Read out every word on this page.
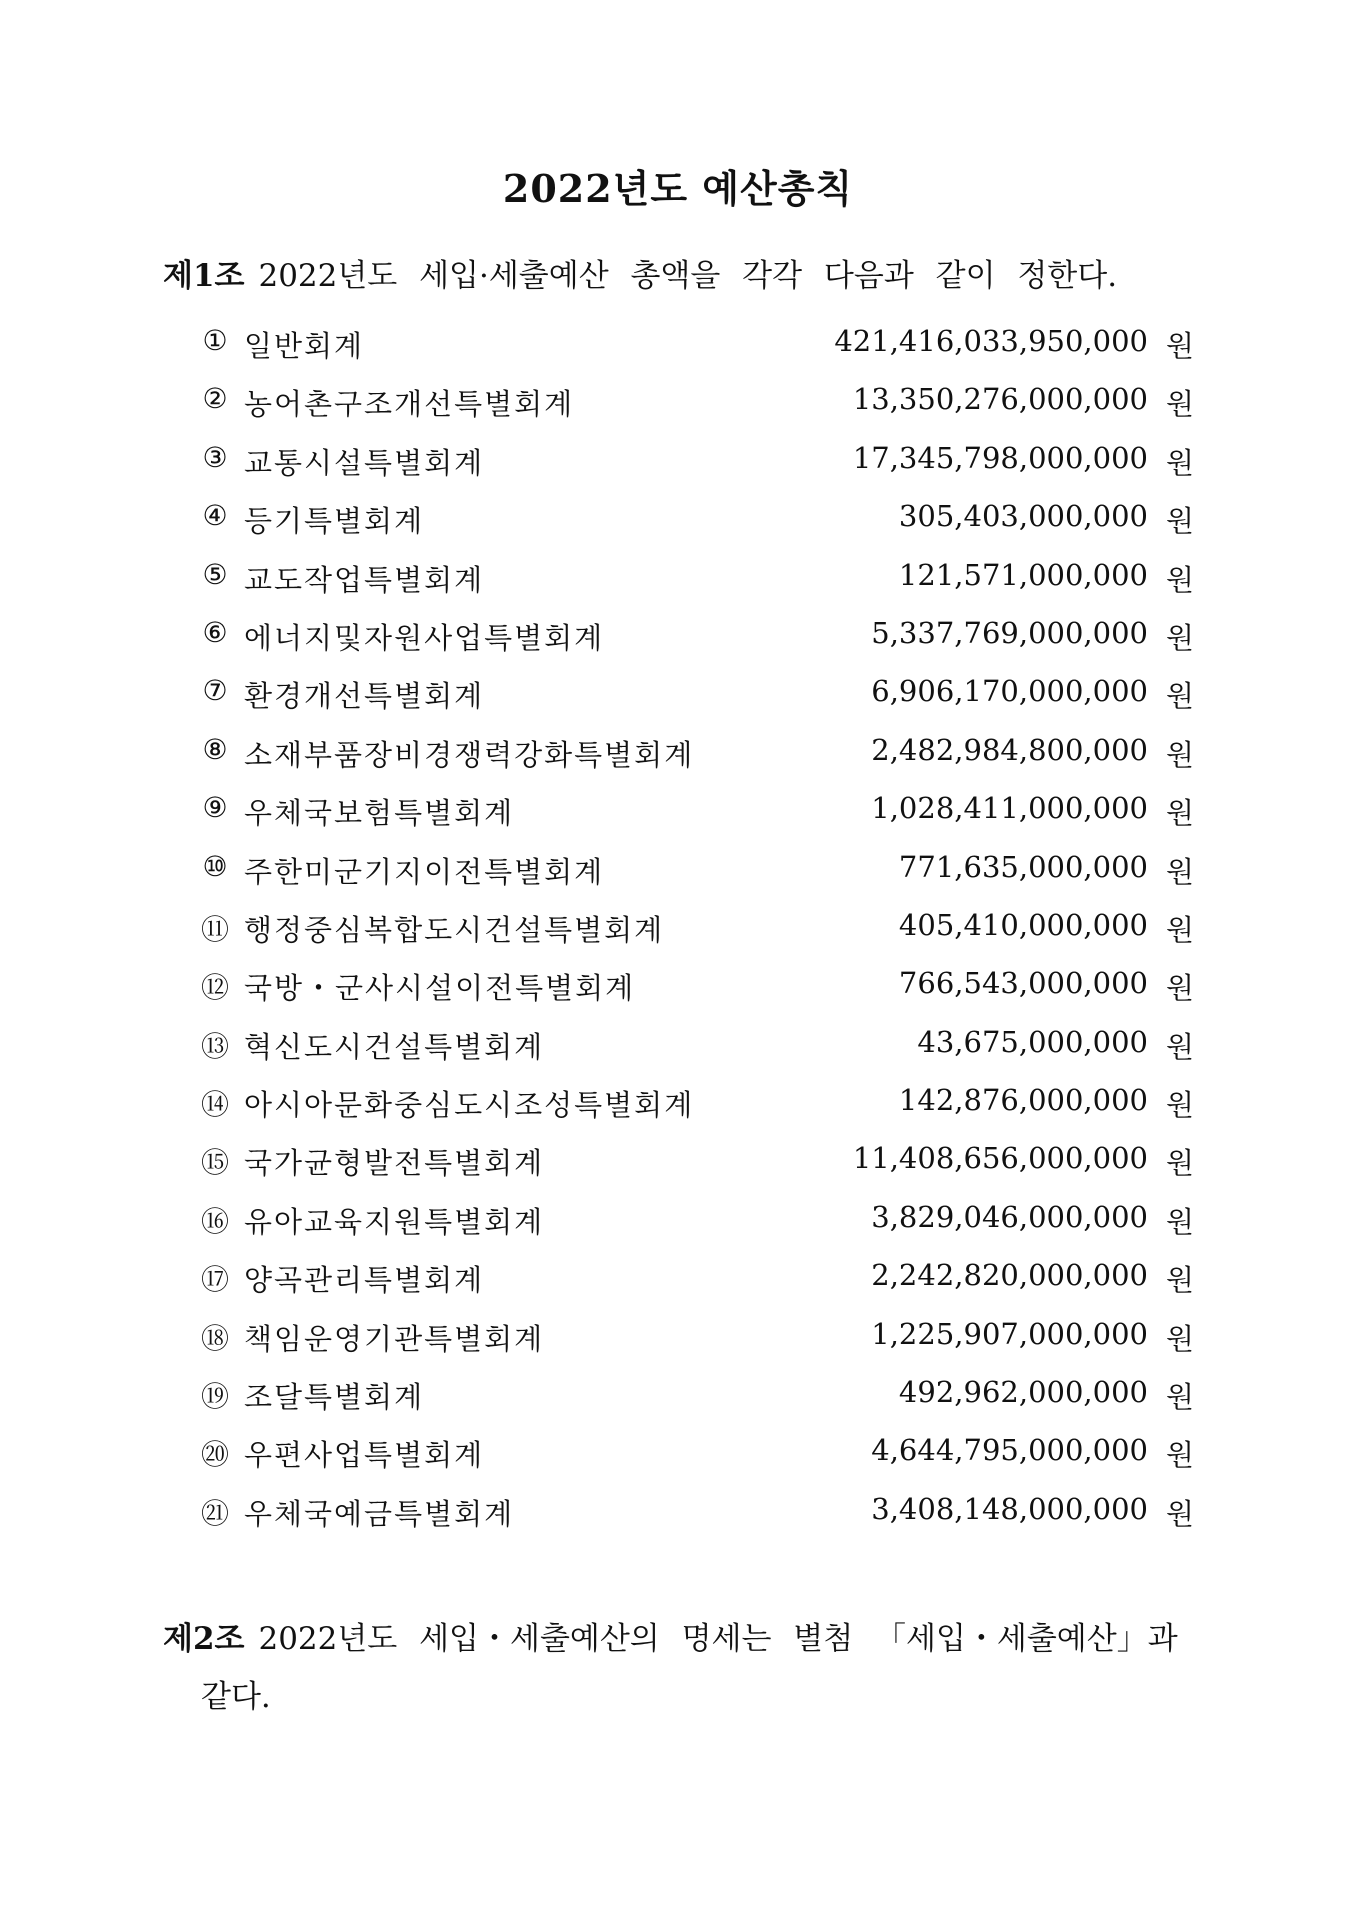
2022년도 예산총칙

제1조 2022년도 세입·세출예산 총액을 각각 다음과 같이 정한다.

① 일반회계	421,416,033,950,000 원
② 농어촌구조개선특별회계	13,350,276,000,000 원
③ 교통시설특별회계	17,345,798,000,000 원
④ 등기특별회계	305,403,000,000 원
⑤ 교도작업특별회계	121,571,000,000 원
⑥ 에너지및자원사업특별회계	5,337,769,000,000 원
⑦ 환경개선특별회계	6,906,170,000,000 원
⑧ 소재부품장비경쟁력강화특별회계	2,482,984,800,000 원
⑨ 우체국보험특별회계	1,028,411,000,000 원
⑩ 주한미군기지이전특별회계	771,635,000,000 원
⑪ 행정중심복합도시건설특별회계	405,410,000,000 원
⑫ 국방・군사시설이전특별회계	766,543,000,000 원
⑬ 혁신도시건설특별회계	43,675,000,000 원
⑭ 아시아문화중심도시조성특별회계	142,876,000,000 원
⑮ 국가균형발전특별회계	11,408,656,000,000 원
⑯ 유아교육지원특별회계	3,829,046,000,000 원
⑰ 양곡관리특별회계	2,242,820,000,000 원
⑱ 책임운영기관특별회계	1,225,907,000,000 원
⑲ 조달특별회계	492,962,000,000 원
⑳ 우편사업특별회계	4,644,795,000,000 원
㉑ 우체국예금특별회계	3,408,148,000,000 원

제2조 2022년도 세입・세출예산의 명세는 별첨 「세입・세출예산」과
같다.
